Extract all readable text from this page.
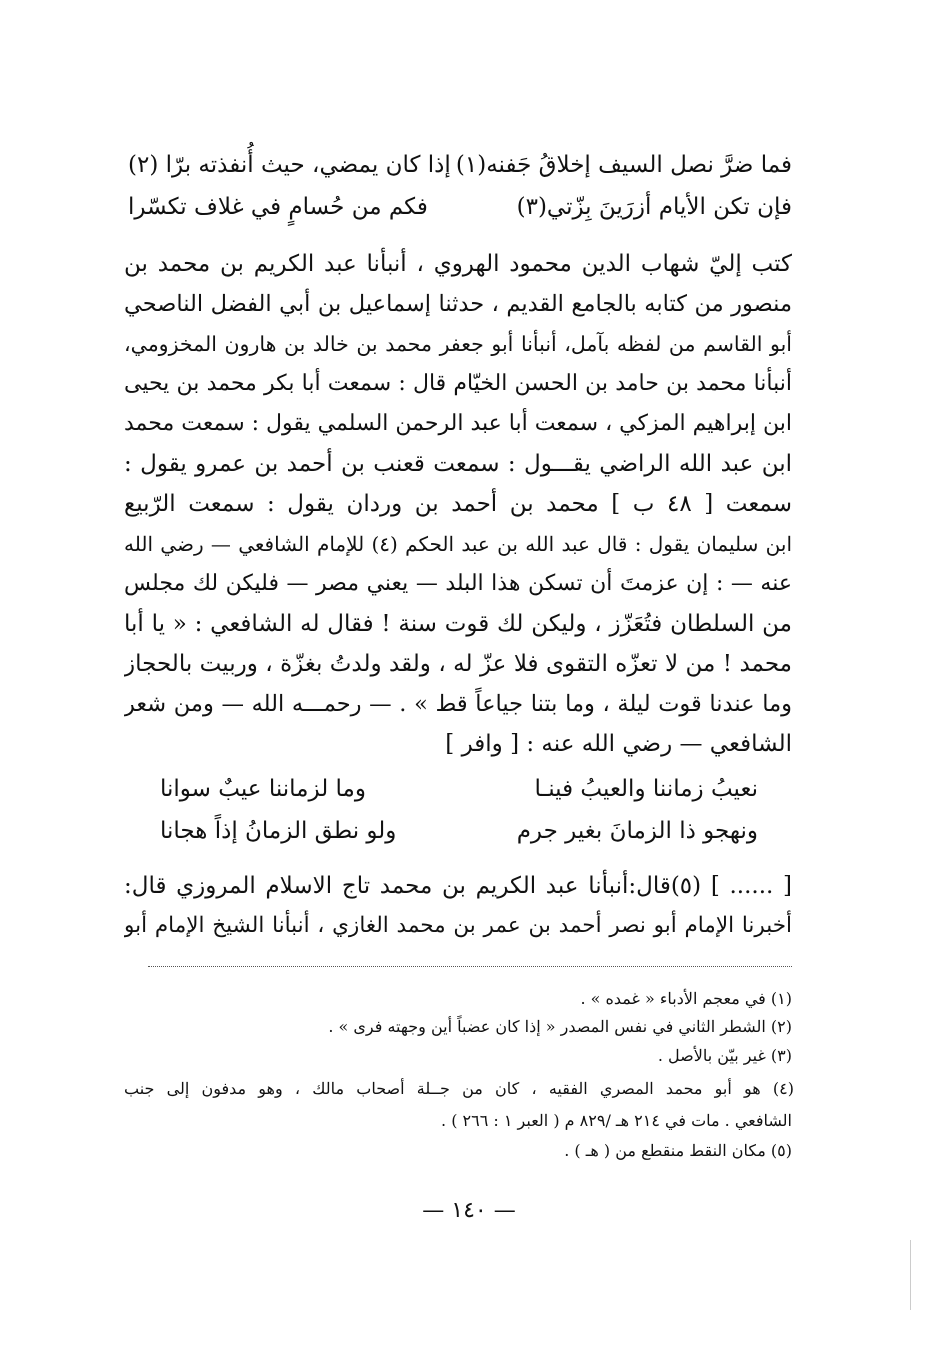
فما ضرَّ نصل السيف إخلاقُ جَفنه(١)
إذا كان يمضي، حيث أُنفذته برّا (٢)
فإن تكن الأيام أزرَينَ بِزّتي(٣)
فكم من حُسامٍ في غلاف تكسّرا
كتب إليّ شهاب الدين محمود الهروي ، أنبأنا عبد الكريم بن محمد بن
منصور من كتابه بالجامع القديم ، حدثنا إسماعيل بن أبي الفضل الناصحي
أبو القاسم من لفظه بآمل، أنبأنا أبو جعفر محمد بن خالد بن هارون المخزومي،
أنبأنا محمد بن حامد بن الحسن الخيّام قال : سمعت أبا بكر محمد بن يحيى
ابن إبراهيم المزكي ، سمعت أبا عبد الرحمن السلمي يقول : سمعت محمد
ابن عبد الله الراضي يقـــول : سمعت قعنب بن أحمد بن عمرو يقول :
سمعت [ ٤٨ ب ] محمد بن أحمد بن وردان يقول : سمعت الرّبيع
ابن سليمان يقول : قال عبد الله بن عبد الحكم (٤) للإمام الشافعي — رضي الله
عنه — : إن عزمتَ أن تسكن هذا البلد — يعني مصر — فليكن لك مجلس
من السلطان فتُعَزّز ، وليكن لك قوت سنة ! فقال له الشافعي : « يا أبا
محمد ! من لا تعزّه التقوى فلا عزّ له ، ولقد ولدتُ بغزّة ، وربيت بالحجاز
وما عندنا قوت ليلة ، وما بتنا جياعاً قط » . — رحمـــه الله — ومن شعر
الشافعي — رضي الله عنه : [ وافر ]
نعيبُ زماننا والعيبُ فينـا
وما لزماننا عيبٌ سوانا
ونهجو ذا الزمانَ بغير جرم
ولو نطق الزمانُ إذاً هجانا
[ ...... ] (٥)قال:أنبأنا عبد الكريم بن محمد تاج الاسلام المروزي قال:
أخبرنا الإمام أبو نصر أحمد بن عمر بن محمد الغازي ، أنبأنا الشيخ الإمام أبو
(١) في معجم الأدباء « غمده » .
(٢) الشطر الثاني في نفس المصدر « إذا كان عضباً أين وجهته فرى » .
(٣) غير بيّن بالأصل .
(٤) هو أبو محمد المصري الفقيه ، كان من جــلة أصحاب مالك ، وهو مدفون إلى جنب
الشافعي . مات في ٢١٤ هـ /٨٢٩ م ( العبر ١ : ٢٦٦ ) .
(٥) مكان النقط منقطع من ( هـ ) .
— ١٤٠ —
